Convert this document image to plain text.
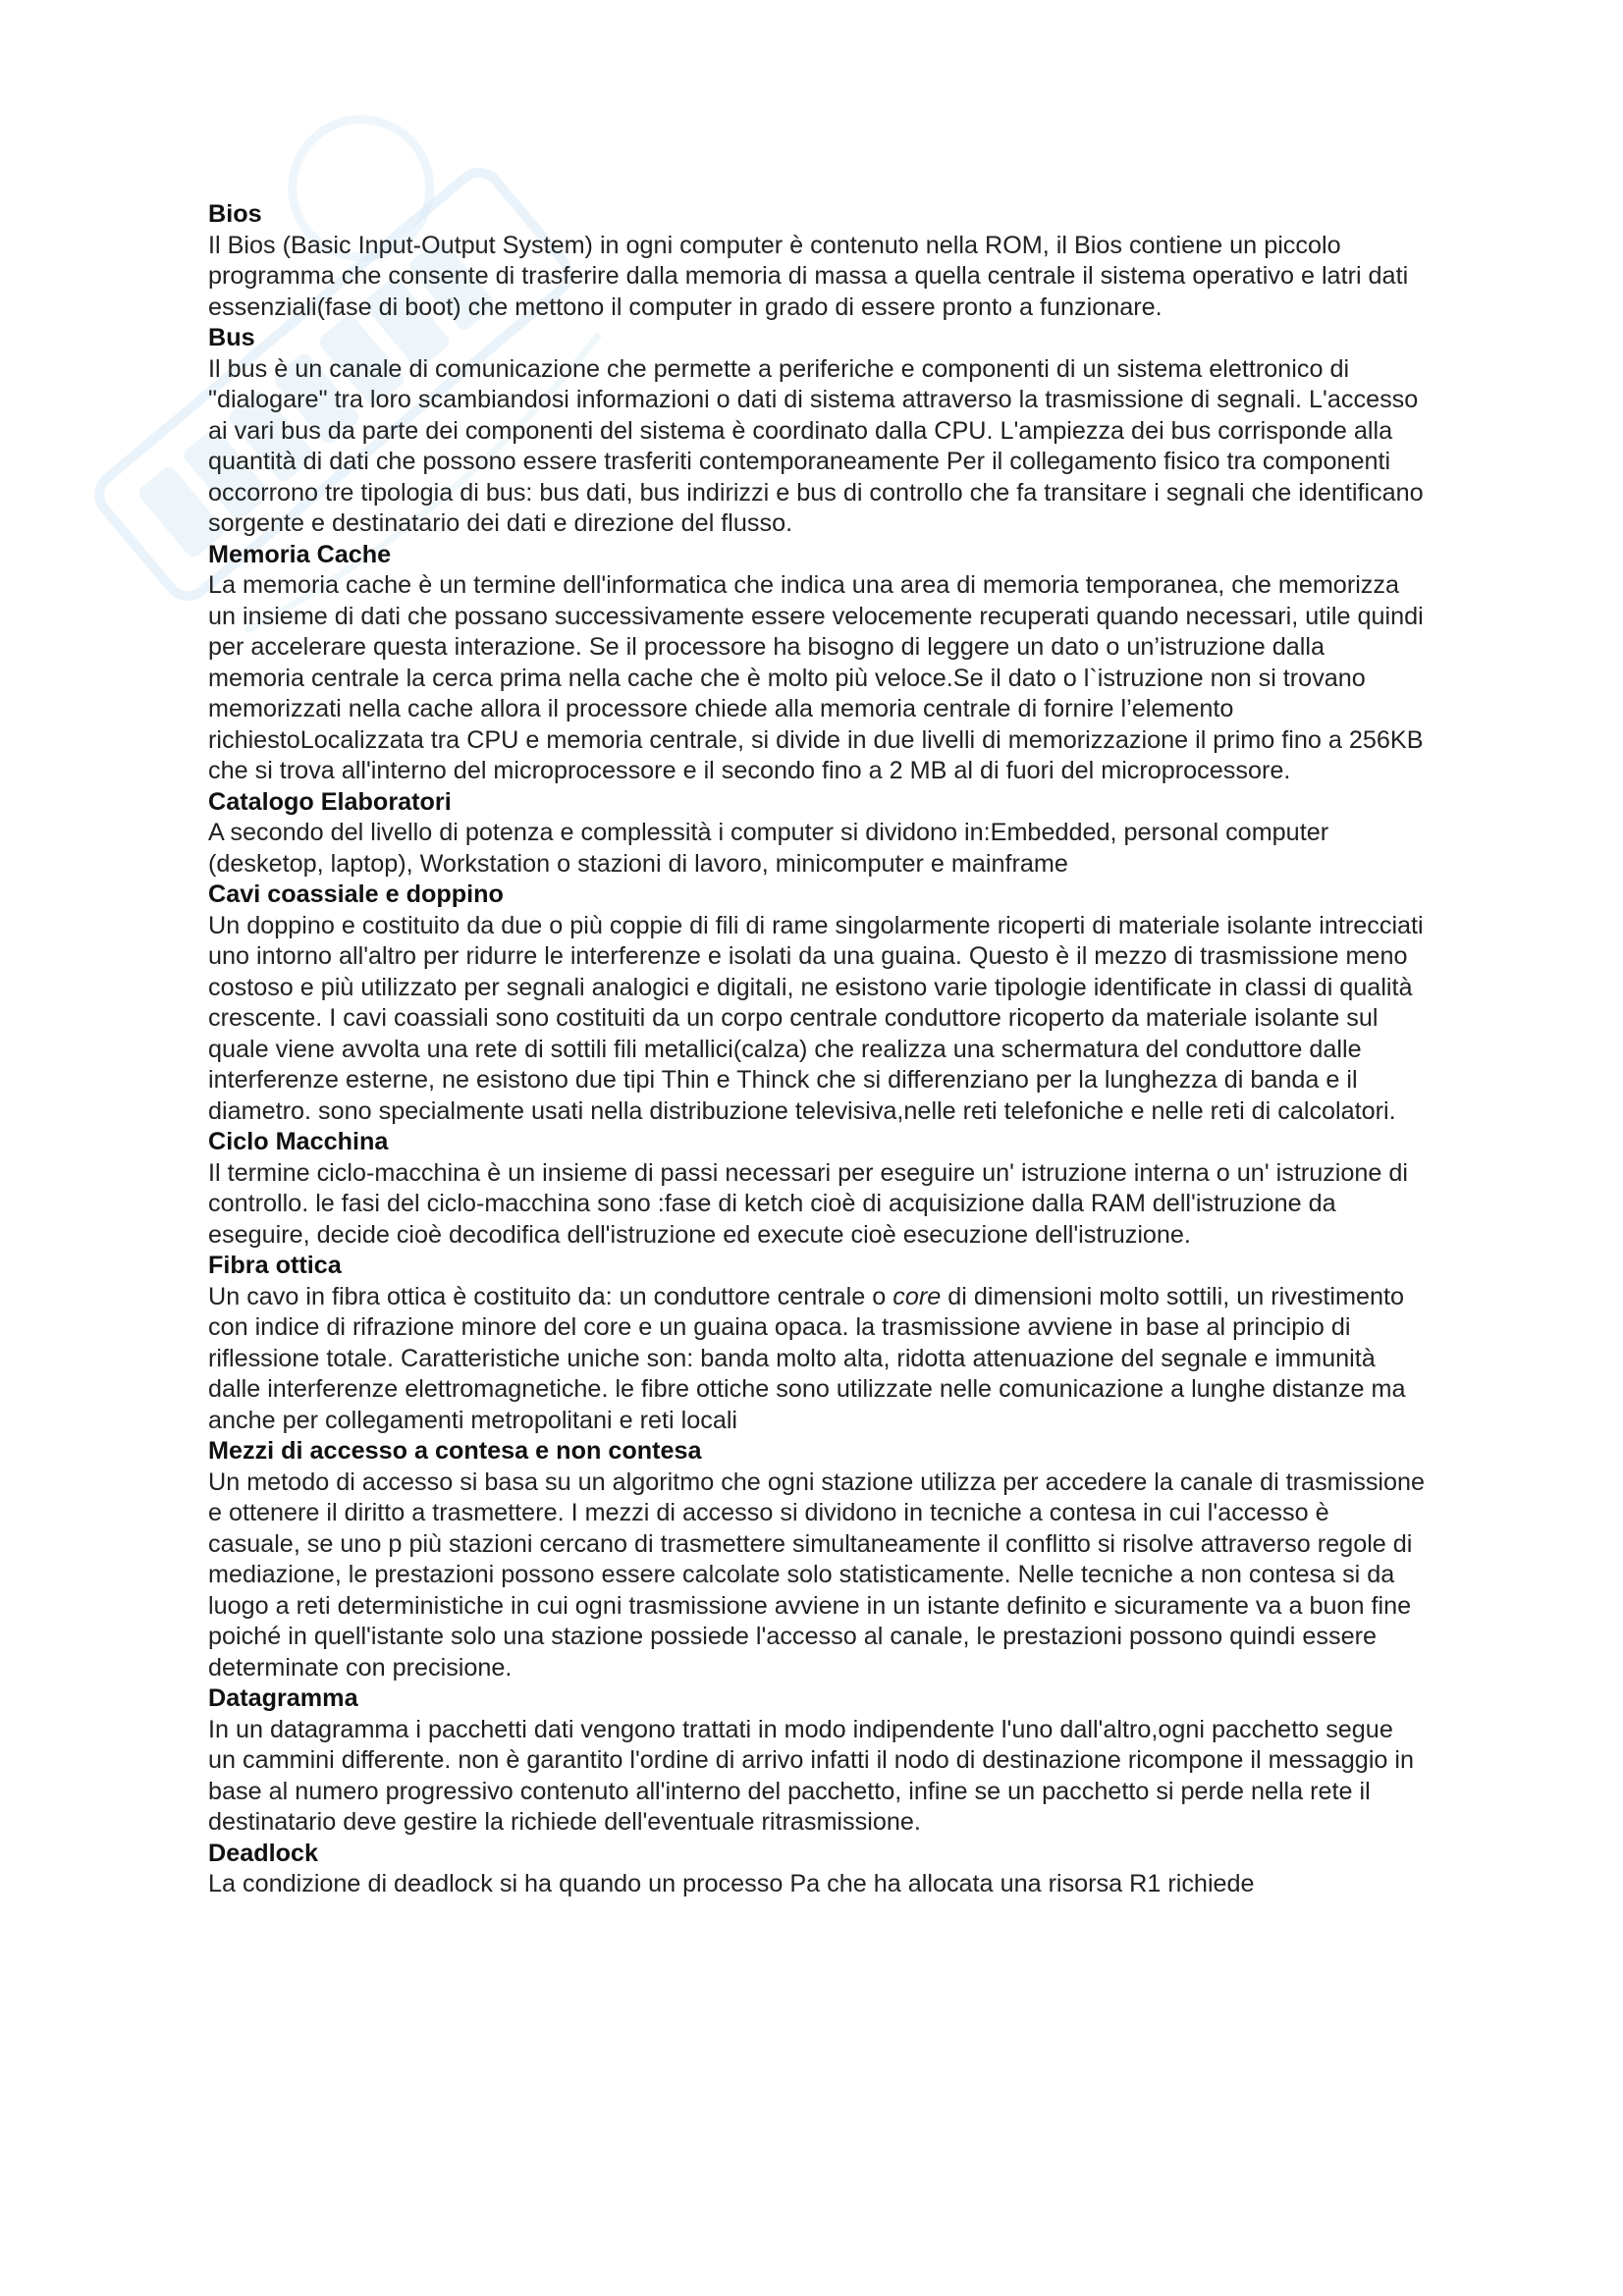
Bios

Il Bios (Basic Input-Output System) in ogni computer è contenuto nella ROM, il Bios contiene un piccolo programma che consente di trasferire dalla memoria di massa a quella centrale il sistema operativo e latri dati essenziali(fase di boot) che mettono il computer in grado di essere pronto a funzionare.

Bus

Il bus è un canale di comunicazione che permette a periferiche e componenti di un sistema elettronico di "dialogare" tra loro scambiandosi informazioni o dati di sistema attraverso la trasmissione di segnali. L'accesso ai vari bus da parte dei componenti del sistema è coordinato dalla CPU. L'ampiezza dei bus corrisponde alla quantità di dati che possono essere trasferiti contemporaneamente Per il collegamento fisico tra componenti occorrono tre tipologia di bus: bus dati, bus indirizzi e bus di controllo che fa transitare i segnali che identificano sorgente e destinatario dei dati e direzione del flusso.

Memoria Cache

La memoria cache è un termine dell'informatica che indica una area di memoria temporanea, che memorizza un insieme di dati che possano successivamente essere velocemente recuperati quando necessari, utile quindi per accelerare questa interazione. Se il processore ha bisogno di leggere un dato o un’istruzione dalla memoria centrale la cerca prima nella cache che è molto più veloce.Se il dato o l`istruzione non si trovano memorizzati nella cache allora il processore chiede alla memoria centrale di fornire l’elemento richiestoLocalizzata tra CPU e memoria centrale, si divide in due livelli di memorizzazione il primo fino a 256KB che si trova all'interno del microprocessore e il secondo fino a 2 MB al di fuori del microprocessore.

Catalogo Elaboratori

A secondo del livello di potenza e complessità i computer si dividono in:Embedded, personal computer (desketop, laptop), Workstation o stazioni di lavoro, minicomputer e mainframe

Cavi coassiale e doppino

Un doppino e costituito da due o più coppie di fili di rame singolarmente ricoperti di materiale isolante intrecciati uno intorno all'altro per ridurre le interferenze e isolati da una guaina. Questo è il mezzo di trasmissione meno costoso e più utilizzato per segnali analogici e digitali, ne esistono varie tipologie identificate in classi di qualità crescente. I cavi coassiali sono costituiti da un corpo centrale conduttore ricoperto da materiale isolante sul quale viene avvolta una rete di sottili fili metallici(calza) che realizza una schermatura del conduttore dalle interferenze esterne, ne esistono due tipi Thin e Thinck che si differenziano per la lunghezza di banda e il diametro. sono specialmente usati nella distribuzione televisiva,nelle reti telefoniche e nelle reti di calcolatori.

Ciclo Macchina

Il termine ciclo-macchina è un insieme di passi necessari per eseguire un' istruzione interna o un' istruzione di controllo. le fasi del ciclo-macchina sono :fase di ketch cioè di acquisizione dalla RAM dell'istruzione da eseguire, decide cioè decodifica dell'istruzione ed execute cioè esecuzione dell'istruzione.

Fibra ottica

Un cavo in fibra ottica è costituito da: un conduttore centrale o core di dimensioni molto sottili, un rivestimento con indice di rifrazione minore del core e un guaina opaca. la trasmissione avviene in base al principio di riflessione totale. Caratteristiche uniche son: banda molto alta, ridotta attenuazione del segnale e immunità dalle interferenze elettromagnetiche. le fibre ottiche sono utilizzate nelle comunicazione a lunghe distanze ma anche per collegamenti metropolitani e reti locali

Mezzi di accesso a contesa e non contesa

Un metodo di accesso si basa su un algoritmo che ogni stazione utilizza per accedere la canale di trasmissione e ottenere il diritto a trasmettere. I mezzi di accesso si dividono in tecniche a contesa in cui l'accesso è casuale, se uno p più stazioni cercano di trasmettere simultaneamente il conflitto si risolve attraverso regole di mediazione, le prestazioni possono essere calcolate solo statisticamente. Nelle tecniche a non contesa si da luogo a reti deterministiche in cui ogni trasmissione avviene in un istante definito e sicuramente va a buon fine poiché in quell'istante solo una stazione possiede l'accesso al canale, le prestazioni possono quindi essere determinate con precisione.

Datagramma

In un datagramma i pacchetti dati vengono trattati in modo indipendente l'uno dall'altro,ogni pacchetto segue un cammini differente. non è garantito l'ordine di arrivo infatti il nodo di destinazione ricompone il messaggio in base al numero progressivo contenuto all'interno del pacchetto, infine se un pacchetto si perde nella rete il destinatario deve gestire la richiede dell'eventuale ritrasmissione.

Deadlock

La condizione di deadlock si ha quando un processo Pa che ha allocata una risorsa R1 richiede
